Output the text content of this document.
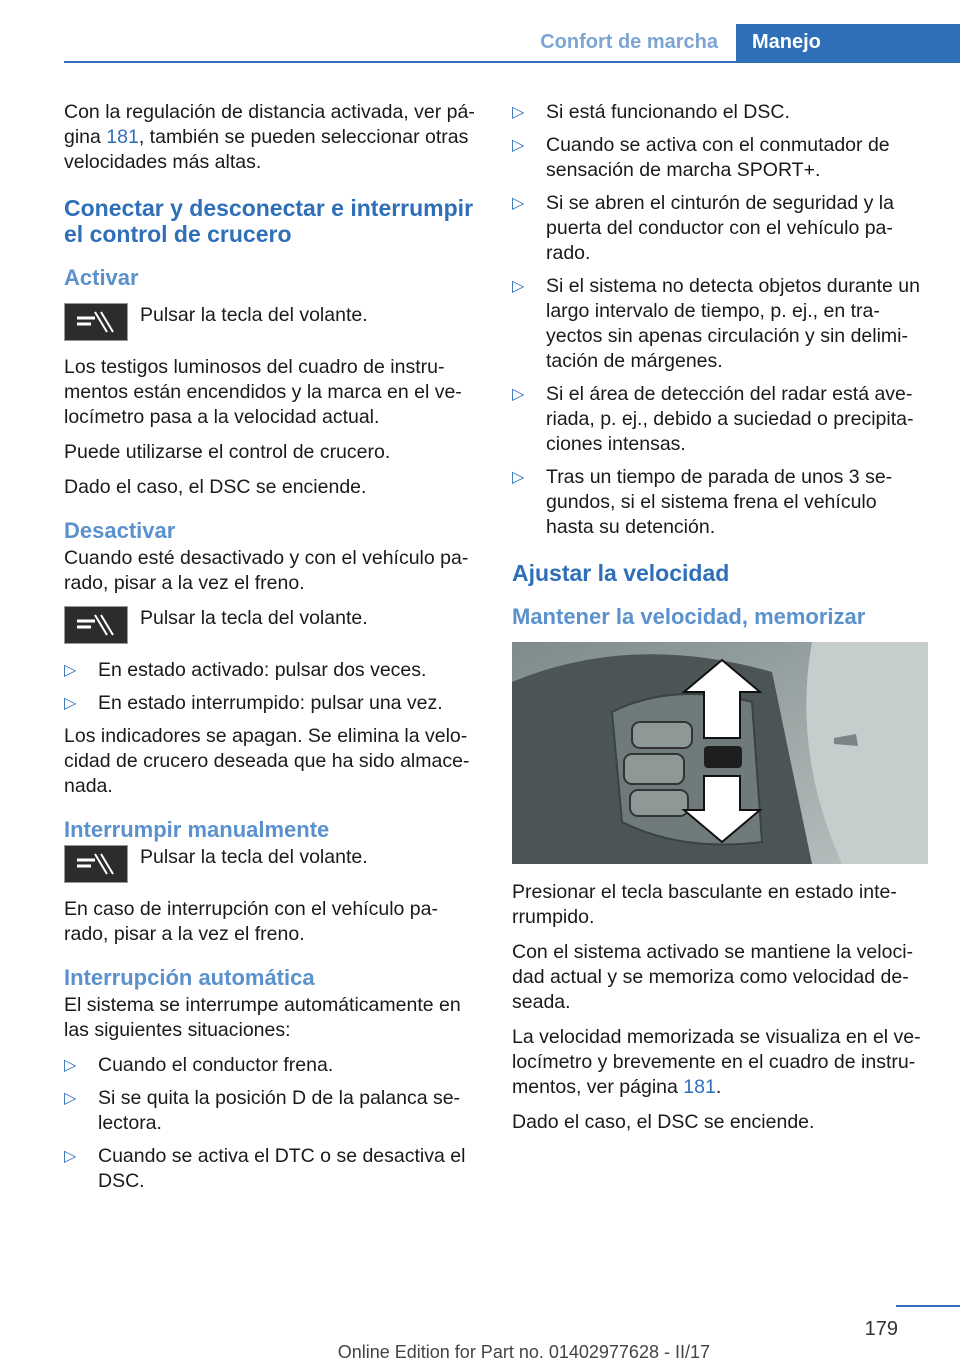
Confort de marcha	Manejo

Con la regulación de distancia activada, ver pá‐gina 181, también se pueden seleccionar otras velocidades más altas.

Conectar y desconectar e interrumpir el control de crucero
Activar
Pulsar la tecla del volante.

Los testigos luminosos del cuadro de instru‐mentos están encendidos y la marca en el ve‐locímetro pasa a la velocidad actual.

Puede utilizarse el control de crucero.

Dado el caso, el DSC se enciende.

Desactivar

Cuando esté desactivado y con el vehículo pa‐rado, pisar a la vez el freno.

Pulsar la tecla del volante.
▷ En estado activado: pulsar dos veces.
▷ En estado interrumpido: pulsar una vez.

Los indicadores se apagan. Se elimina la velo‐cidad de crucero deseada que ha sido almace‐nada.

Interrumpir manualmente
Pulsar la tecla del volante.

En caso de interrupción con el vehículo pa‐rado, pisar a la vez el freno.

Interrupción automática

El sistema se interrumpe automáticamente en las siguientes situaciones:

▷ Cuando el conductor frena.
▷ Si se quita la posición D de la palanca se‐lectora.
▷ Cuando se activa el DTC o se desactiva el DSC.
▷ Si está funcionando el DSC.
▷ Cuando se activa con el conmutador de sensación de marcha SPORT+.
▷ Si se abren el cinturón de seguridad y la puerta del conductor con el vehículo pa‐rado.
▷ Si el sistema no detecta objetos durante un largo intervalo de tiempo, p. ej., en tra‐yectos sin apenas circulación y sin delimi‐tación de márgenes.
▷ Si el área de detección del radar está ave‐riada, p. ej., debido a suciedad o precipita‐ciones intensas.
▷ Tras un tiempo de parada de unos 3 se‐gundos, si el sistema frena el vehículo hasta su detención.
Ajustar la velocidad
Mantener la velocidad, memorizar

Presionar el tecla basculante en estado inte‐rrumpido.

Con el sistema activado se mantiene la veloci‐dad actual y se memoriza como velocidad de‐seada.

La velocidad memorizada se visualiza en el ve‐locímetro y brevemente en el cuadro de instru‐mentos, ver página 181.

Dado el caso, el DSC se enciende.

179
Online Edition for Part no. 01402977628 - II/17
